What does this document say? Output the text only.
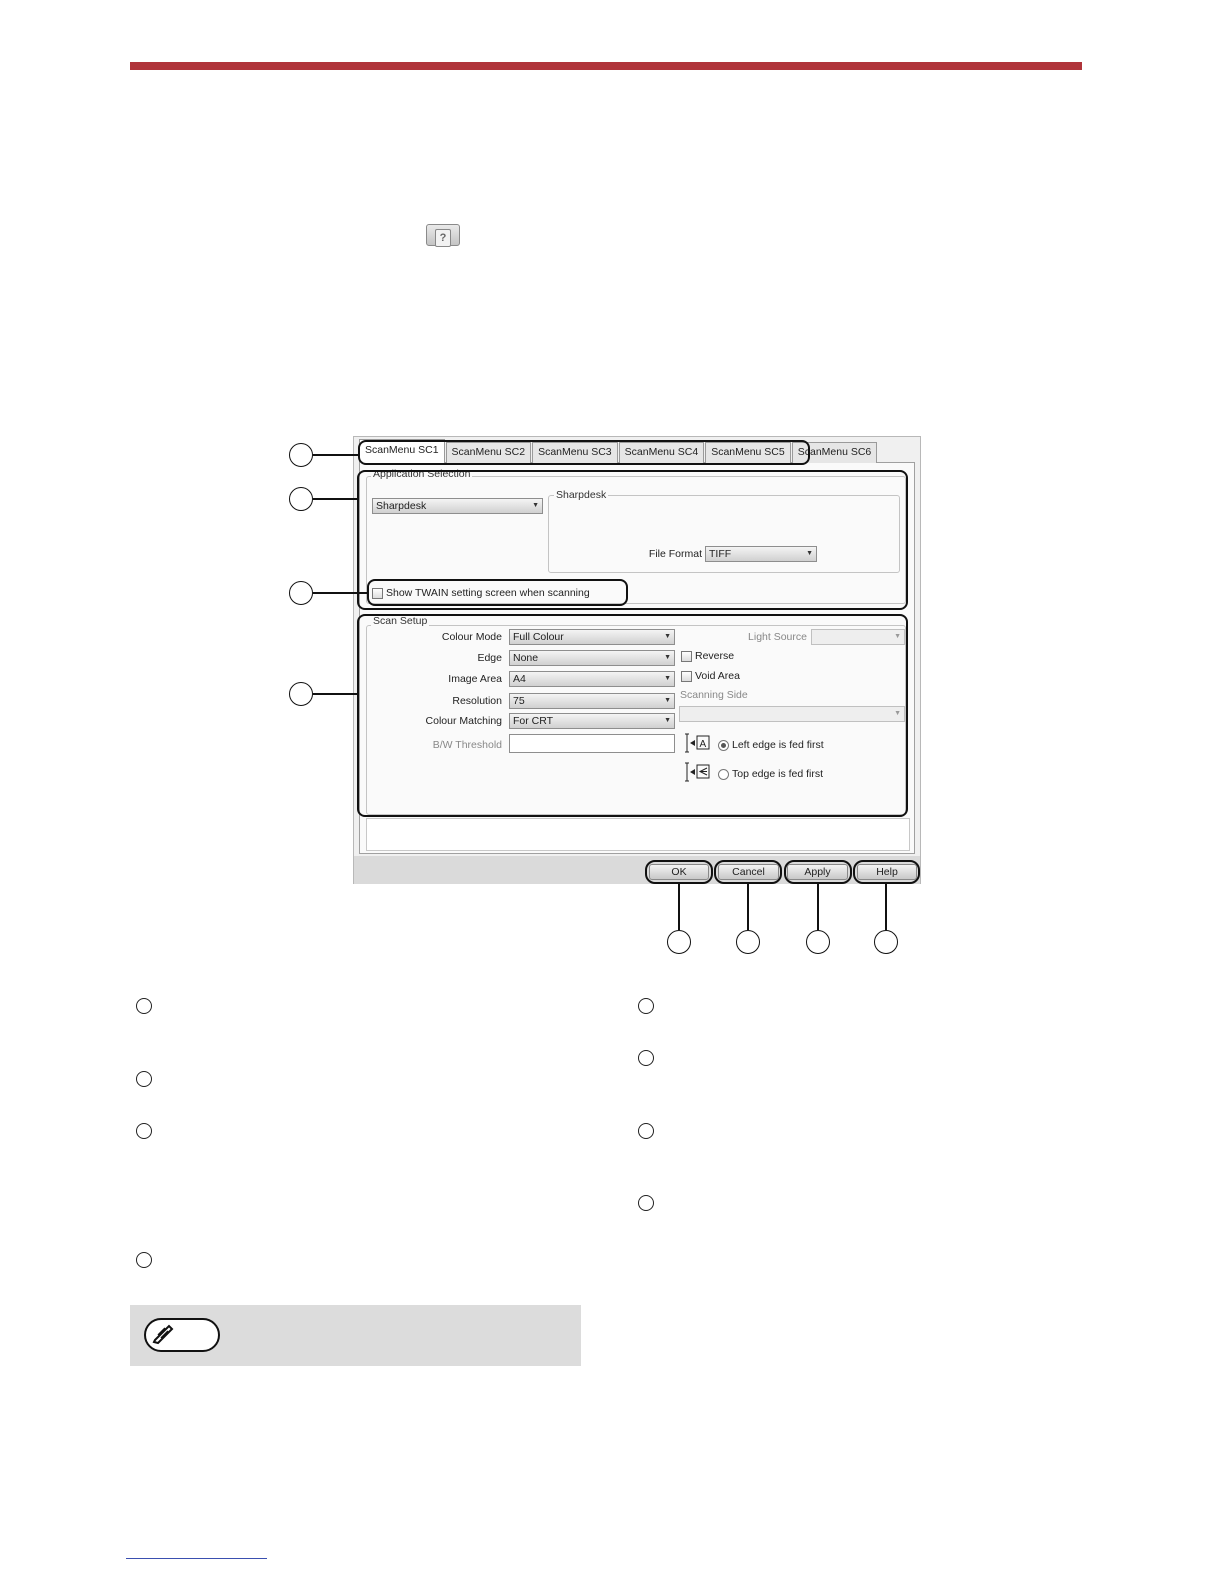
?
ScanMenu SC1	ScanMenu SC2	ScanMenu SC3	ScanMenu SC4	ScanMenu SC5	ScanMenu SC6
Application Selection
Sharpdesk	▼
Sharpdesk
File Format TIFF	▼
Show TWAIN setting screen when scanning
Scan Setup
Colour Mode	Full Colour	▼
Edge	None	▼
Image Area	A4	▼
Resolution	75	▼
Colour Matching	For CRT	▼
B/W Threshold
Light Source	▼
Reverse
Void Area
Scanning Side
▼
A Left edge is fed first
Top edge is fed first
OK	Cancel	Apply	Help
